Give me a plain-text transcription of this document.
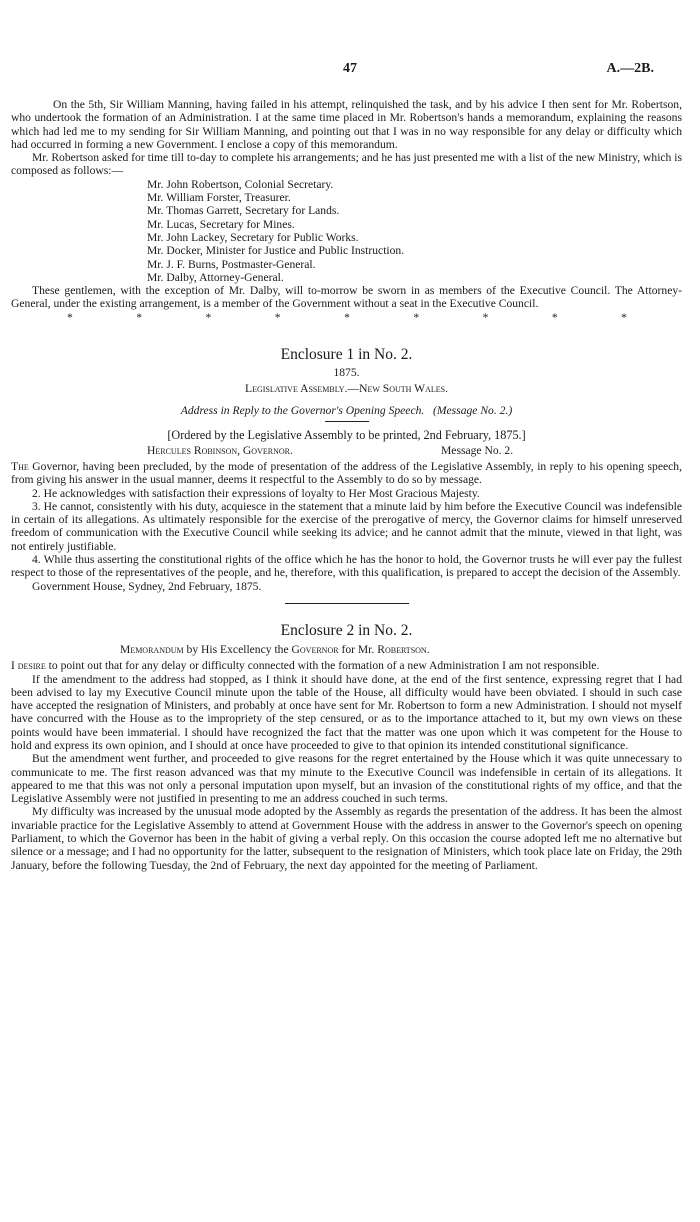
47	A.—2B.

On the 5th, Sir William Manning, having failed in his attempt, relinquished the task, and by his advice I then sent for Mr. Robertson, who undertook the formation of an Administration. I at the same time placed in Mr. Robertson's hands a memorandum, explaining the reasons which had led me to my sending for Sir William Manning, and pointing out that I was in no way responsible for any delay or difficulty which had occurred in forming a new Government. I enclose a copy of this memorandum.

Mr. Robertson asked for time till to-day to complete his arrangements; and he has just presented me with a list of the new Ministry, which is composed as follows:—

Mr. John Robertson, Colonial Secretary.
Mr. William Forster, Treasurer.
Mr. Thomas Garrett, Secretary for Lands.
Mr. Lucas, Secretary for Mines.
Mr. John Lackey, Secretary for Public Works.
Mr. Docker, Minister for Justice and Public Instruction.
Mr. J. F. Burns, Postmaster-General.
Mr. Dalby, Attorney-General.

These gentlemen, with the exception of Mr. Dalby, will to-morrow be sworn in as members of the Executive Council. The Attorney-General, under the existing arrangement, is a member of the Government without a seat in the Executive Council.

*	*	*	*	*	*	*	*	*
Enclosure 1 in No. 2.
1875.
Legislative Assembly.—New South Wales.
Address in Reply to the Governor's Opening Speech. (Message No. 2.)
[Ordered by the Legislative Assembly to be printed, 2nd February, 1875.]
Hercules Robinson, Governor.	Message No. 2.

The Governor, having been precluded, by the mode of presentation of the address of the Legislative Assembly, in reply to his opening speech, from giving his answer in the usual manner, deems it respectful to the Assembly to do so by message.

2. He acknowledges with satisfaction their expressions of loyalty to Her Most Gracious Majesty.

3. He cannot, consistently with his duty, acquiesce in the statement that a minute laid by him before the Executive Council was indefensible in certain of its allegations. As ultimately responsible for the exercise of the prerogative of mercy, the Governor claims for himself unreserved freedom of communication with the Executive Council while seeking its advice; and he cannot admit that the minute, viewed in that light, was not entirely justifiable.

4. While thus asserting the constitutional rights of the office which he has the honor to hold, the Governor trusts he will ever pay the fullest respect to those of the representatives of the people, and he, therefore, with this qualification, is prepared to accept the decision of the Assembly.

Government House, Sydney, 2nd February, 1875.

Enclosure 2 in No. 2.
Memorandum by His Excellency the Governor for Mr. Robertson.

I desire to point out that for any delay or difficulty connected with the formation of a new Administration I am not responsible.

If the amendment to the address had stopped, as I think it should have done, at the end of the first sentence, expressing regret that I had been advised to lay my Executive Council minute upon the table of the House, all difficulty would have been obviated. I should in such case have accepted the resignation of Ministers, and probably at once have sent for Mr. Robertson to form a new Administration. I should not myself have concurred with the House as to the impropriety of the step censured, or as to the importance attached to it, but my own views on these points would have been immaterial. I should have recognized the fact that the matter was one upon which it was competent for the House to hold and express its own opinion, and I should at once have proceeded to give to that opinion its intended constitutional significance.

But the amendment went further, and proceeded to give reasons for the regret entertained by the House which it was quite unnecessary to communicate to me. The first reason advanced was that my minute to the Executive Council was indefensible in certain of its allegations. It appeared to me that this was not only a personal imputation upon myself, but an invasion of the constitutional rights of my office, and that the Legislative Assembly were not justified in presenting to me an address couched in such terms.

My difficulty was increased by the unusual mode adopted by the Assembly as regards the presentation of the address. It has been the almost invariable practice for the Legislative Assembly to attend at Government House with the address in answer to the Governor's speech on opening Parliament, to which the Governor has been in the habit of giving a verbal reply. On this occasion the course adopted left me no alternative but silence or a message; and I had no opportunity for the latter, subsequent to the resignation of Ministers, which took place late on Friday, the 29th January, before the following Tuesday, the 2nd of February, the next day appointed for the meeting of Parliament.
